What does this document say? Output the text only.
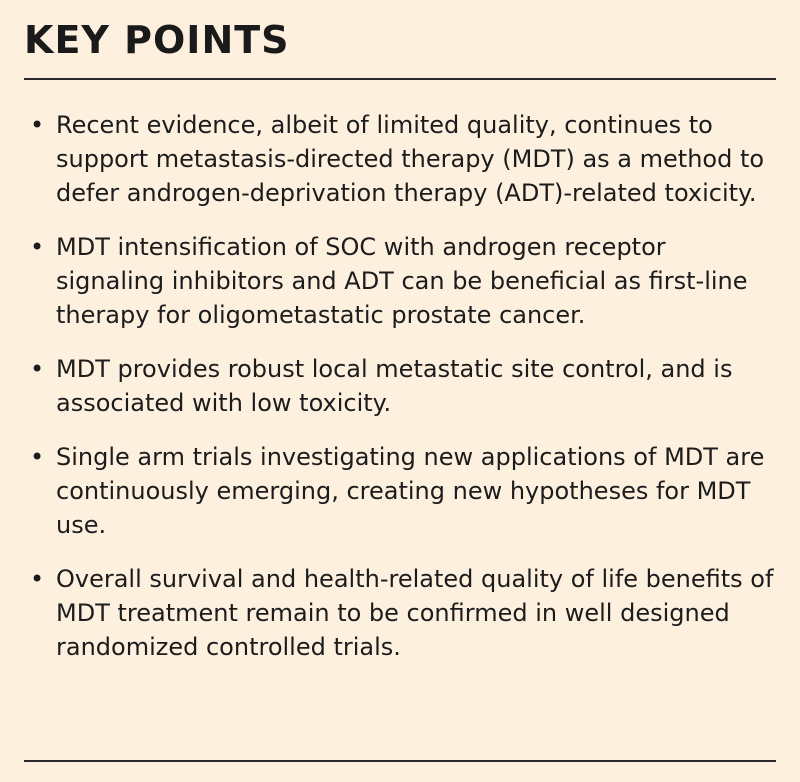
KEY POINTS
• Recent evidence, albeit of limited quality, continues to support metastasis-directed therapy (MDT) as a method to defer androgen-deprivation therapy (ADT)-related toxicity.
• MDT intensification of SOC with androgen receptor signaling inhibitors and ADT can be beneficial as first-line therapy for oligometastatic prostate cancer.
• MDT provides robust local metastatic site control, and is associated with low toxicity.
• Single arm trials investigating new applications of MDT are continuously emerging, creating new hypotheses for MDT use.
• Overall survival and health-related quality of life benefits of MDT treatment remain to be confirmed in well designed randomized controlled trials.
